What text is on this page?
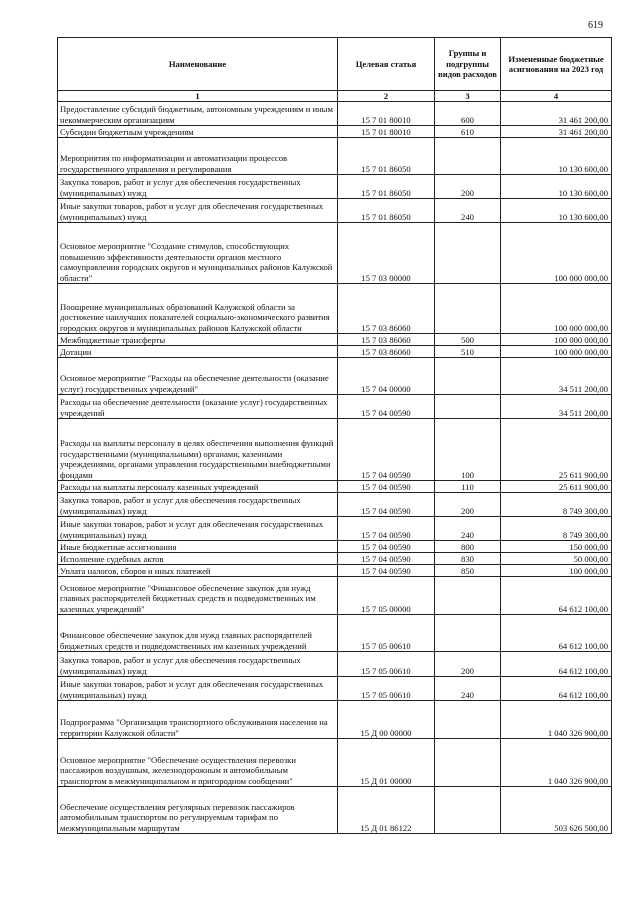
619
Наименование	Целевая статья	Группы и подгруппы видов расходов	Измененные бюджетные асигнования на 2023 год
1	2	3	4
Предоставление субсидий бюджетным, автономным учреждениям и иным некоммерческим организациям	15 7 01 80010	600	31 461 200,00
Субсидии бюджетным учреждениям	15 7 01 80010	610	31 461 200,00
Мероприятия по информатизации и автоматизации процессов государственного управления и регулирования	15 7 01 86050		10 130 600,00
Закупка товаров, работ и услуг для обеспечения государственных (муниципальных) нужд	15 7 01 86050	200	10 130 600,00
Иные закупки товаров, работ и услуг для обеспечения государственных (муниципальных) нужд	15 7 01 86050	240	10 130 600,00
Основное мероприятие "Создание стимулов, способствующих повышению эффективности деятельности органов местного самоуправления городских округов и муниципальных районов Калужской области"	15 7 03 00000		100 000 000,00
Поощрение муниципальных образований Калужской области за достижение наилучших показателей социально-экономического развития городских округов и муниципальных районов Калужской области	15 7 03 86060		100 000 000,00
Межбюджетные трансферты	15 7 03 86060	500	100 000 000,00
Дотации	15 7 03 86060	510	100 000 000,00
Основное мероприятие "Расходы на обеспечение деятельности (оказание услуг) государственных учреждений"	15 7 04 00000		34 511 200,00
Расходы на обеспечение деятельности (оказание услуг) государственных учреждений	15 7 04 00590		34 511 200,00
Расходы на выплаты персоналу в целях обеспечения выполнения функций государственными (муниципальными) органами, казенными учреждениями, органами управления государственными внебюджетными фондами	15 7 04 00590	100	25 611 900,00
Расходы на выплаты персоналу казенных учреждений	15 7 04 00590	110	25 611 900,00
Закупка товаров, работ и услуг для обеспечения государственных (муниципальных) нужд	15 7 04 00590	200	8 749 300,00
Иные закупки товаров, работ и услуг для обеспечения государственных (муниципальных) нужд	15 7 04 00590	240	8 749 300,00
Иные бюджетные ассигнования	15 7 04 00590	800	150 000,00
Исполнение судебных актов	15 7 04 00590	830	50 000,00
Уплата налогов, сборов и иных платежей	15 7 04 00590	850	100 000,00
Основное мероприятие "Финансовое обеспечение закупок для нужд главных распорядителей бюджетных средств и подведомственных им казенных учреждений"	15 7 05 00000		64 612 100,00
Финансовое обеспечение закупок для нужд главных распорядителей бюджетных средств и подведомственных им казенных учреждений	15 7 05 00610		64 612 100,00
Закупка товаров, работ и услуг для обеспечения государственных (муниципальных) нужд	15 7 05 00610	200	64 612 100,00
Иные закупки товаров, работ и услуг для обеспечения государственных (муниципальных) нужд	15 7 05 00610	240	64 612 100,00
Подпрограмма "Организация транспортного обслуживания населения на территории Калужской области"	15 Д 00 00000		1 040 326 900,00
Основное мероприятие "Обеспечение осуществления перевозки пассажиров воздушным, железнодорожным и автомобильным транспортом в межмуниципальном и пригородном сообщении"	15 Д 01 00000		1 040 326 900,00
Обеспечение осуществления регулярных перевозок пассажиров автомобильным транспортом по регулируемым тарифам по межмуниципальным маршрутам	15 Д 01 86122		503 626 500,00
